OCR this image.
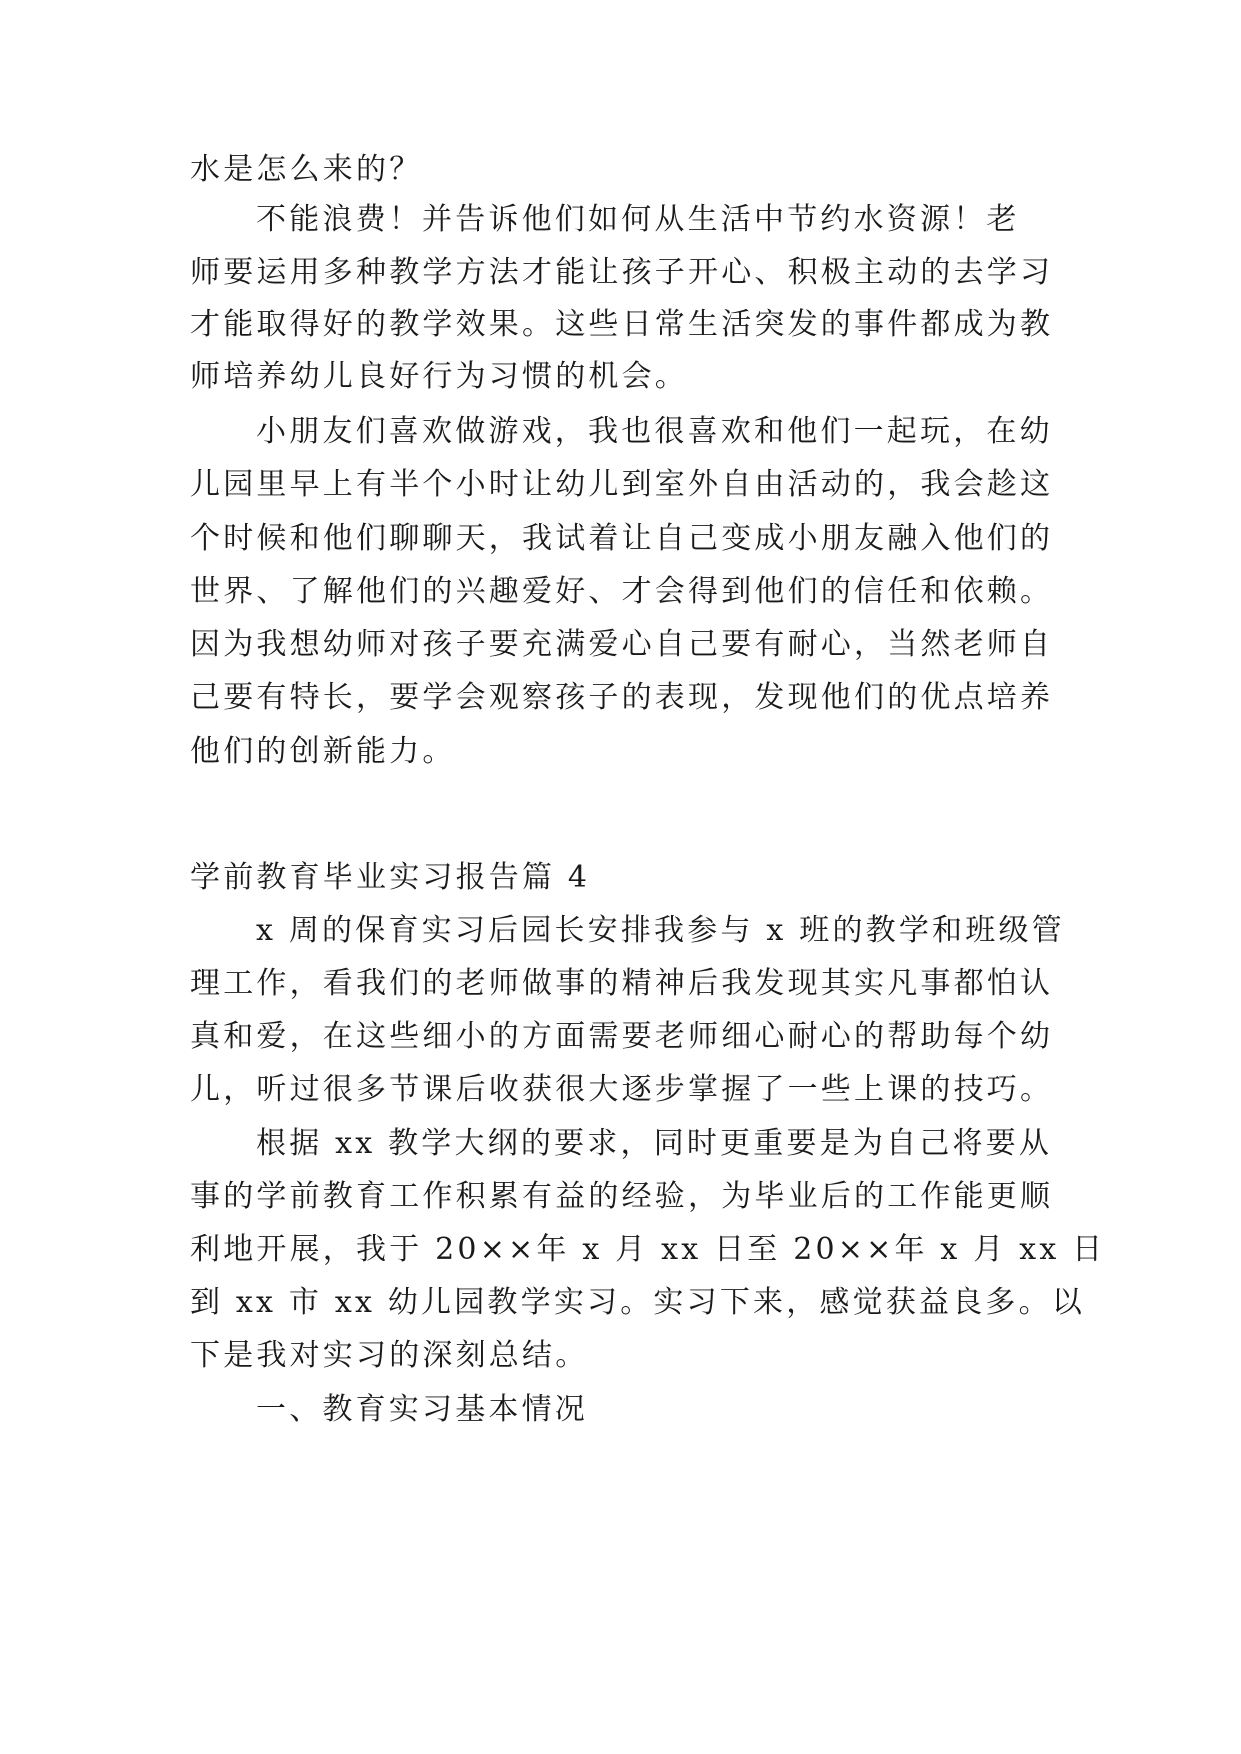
水是怎么来的？
不能浪费！并告诉他们如何从生活中节约水资源！老
师要运用多种教学方法才能让孩子开心、积极主动的去学习
才能取得好的教学效果。这些日常生活突发的事件都成为教
师培养幼儿良好行为习惯的机会。
小朋友们喜欢做游戏，我也很喜欢和他们一起玩，在幼
儿园里早上有半个小时让幼儿到室外自由活动的，我会趁这
个时候和他们聊聊天，我试着让自己变成小朋友融入他们的
世界、了解他们的兴趣爱好、才会得到他们的信任和依赖。
因为我想幼师对孩子要充满爱心自己要有耐心，当然老师自
己要有特长，要学会观察孩子的表现，发现他们的优点培养
他们的创新能力。
学前教育毕业实习报告篇 4
x 周的保育实习后园长安排我参与 x 班的教学和班级管
理工作，看我们的老师做事的精神后我发现其实凡事都怕认
真和爱，在这些细小的方面需要老师细心耐心的帮助每个幼
儿，听过很多节课后收获很大逐步掌握了一些上课的技巧。
根据 xx 教学大纲的要求，同时更重要是为自己将要从
事的学前教育工作积累有益的经验，为毕业后的工作能更顺
利地开展，我于 20××年 x 月 xx 日至 20××年 x 月 xx 日
到 xx 市 xx 幼儿园教学实习。实习下来，感觉获益良多。以
下是我对实习的深刻总结。
一、教育实习基本情况
